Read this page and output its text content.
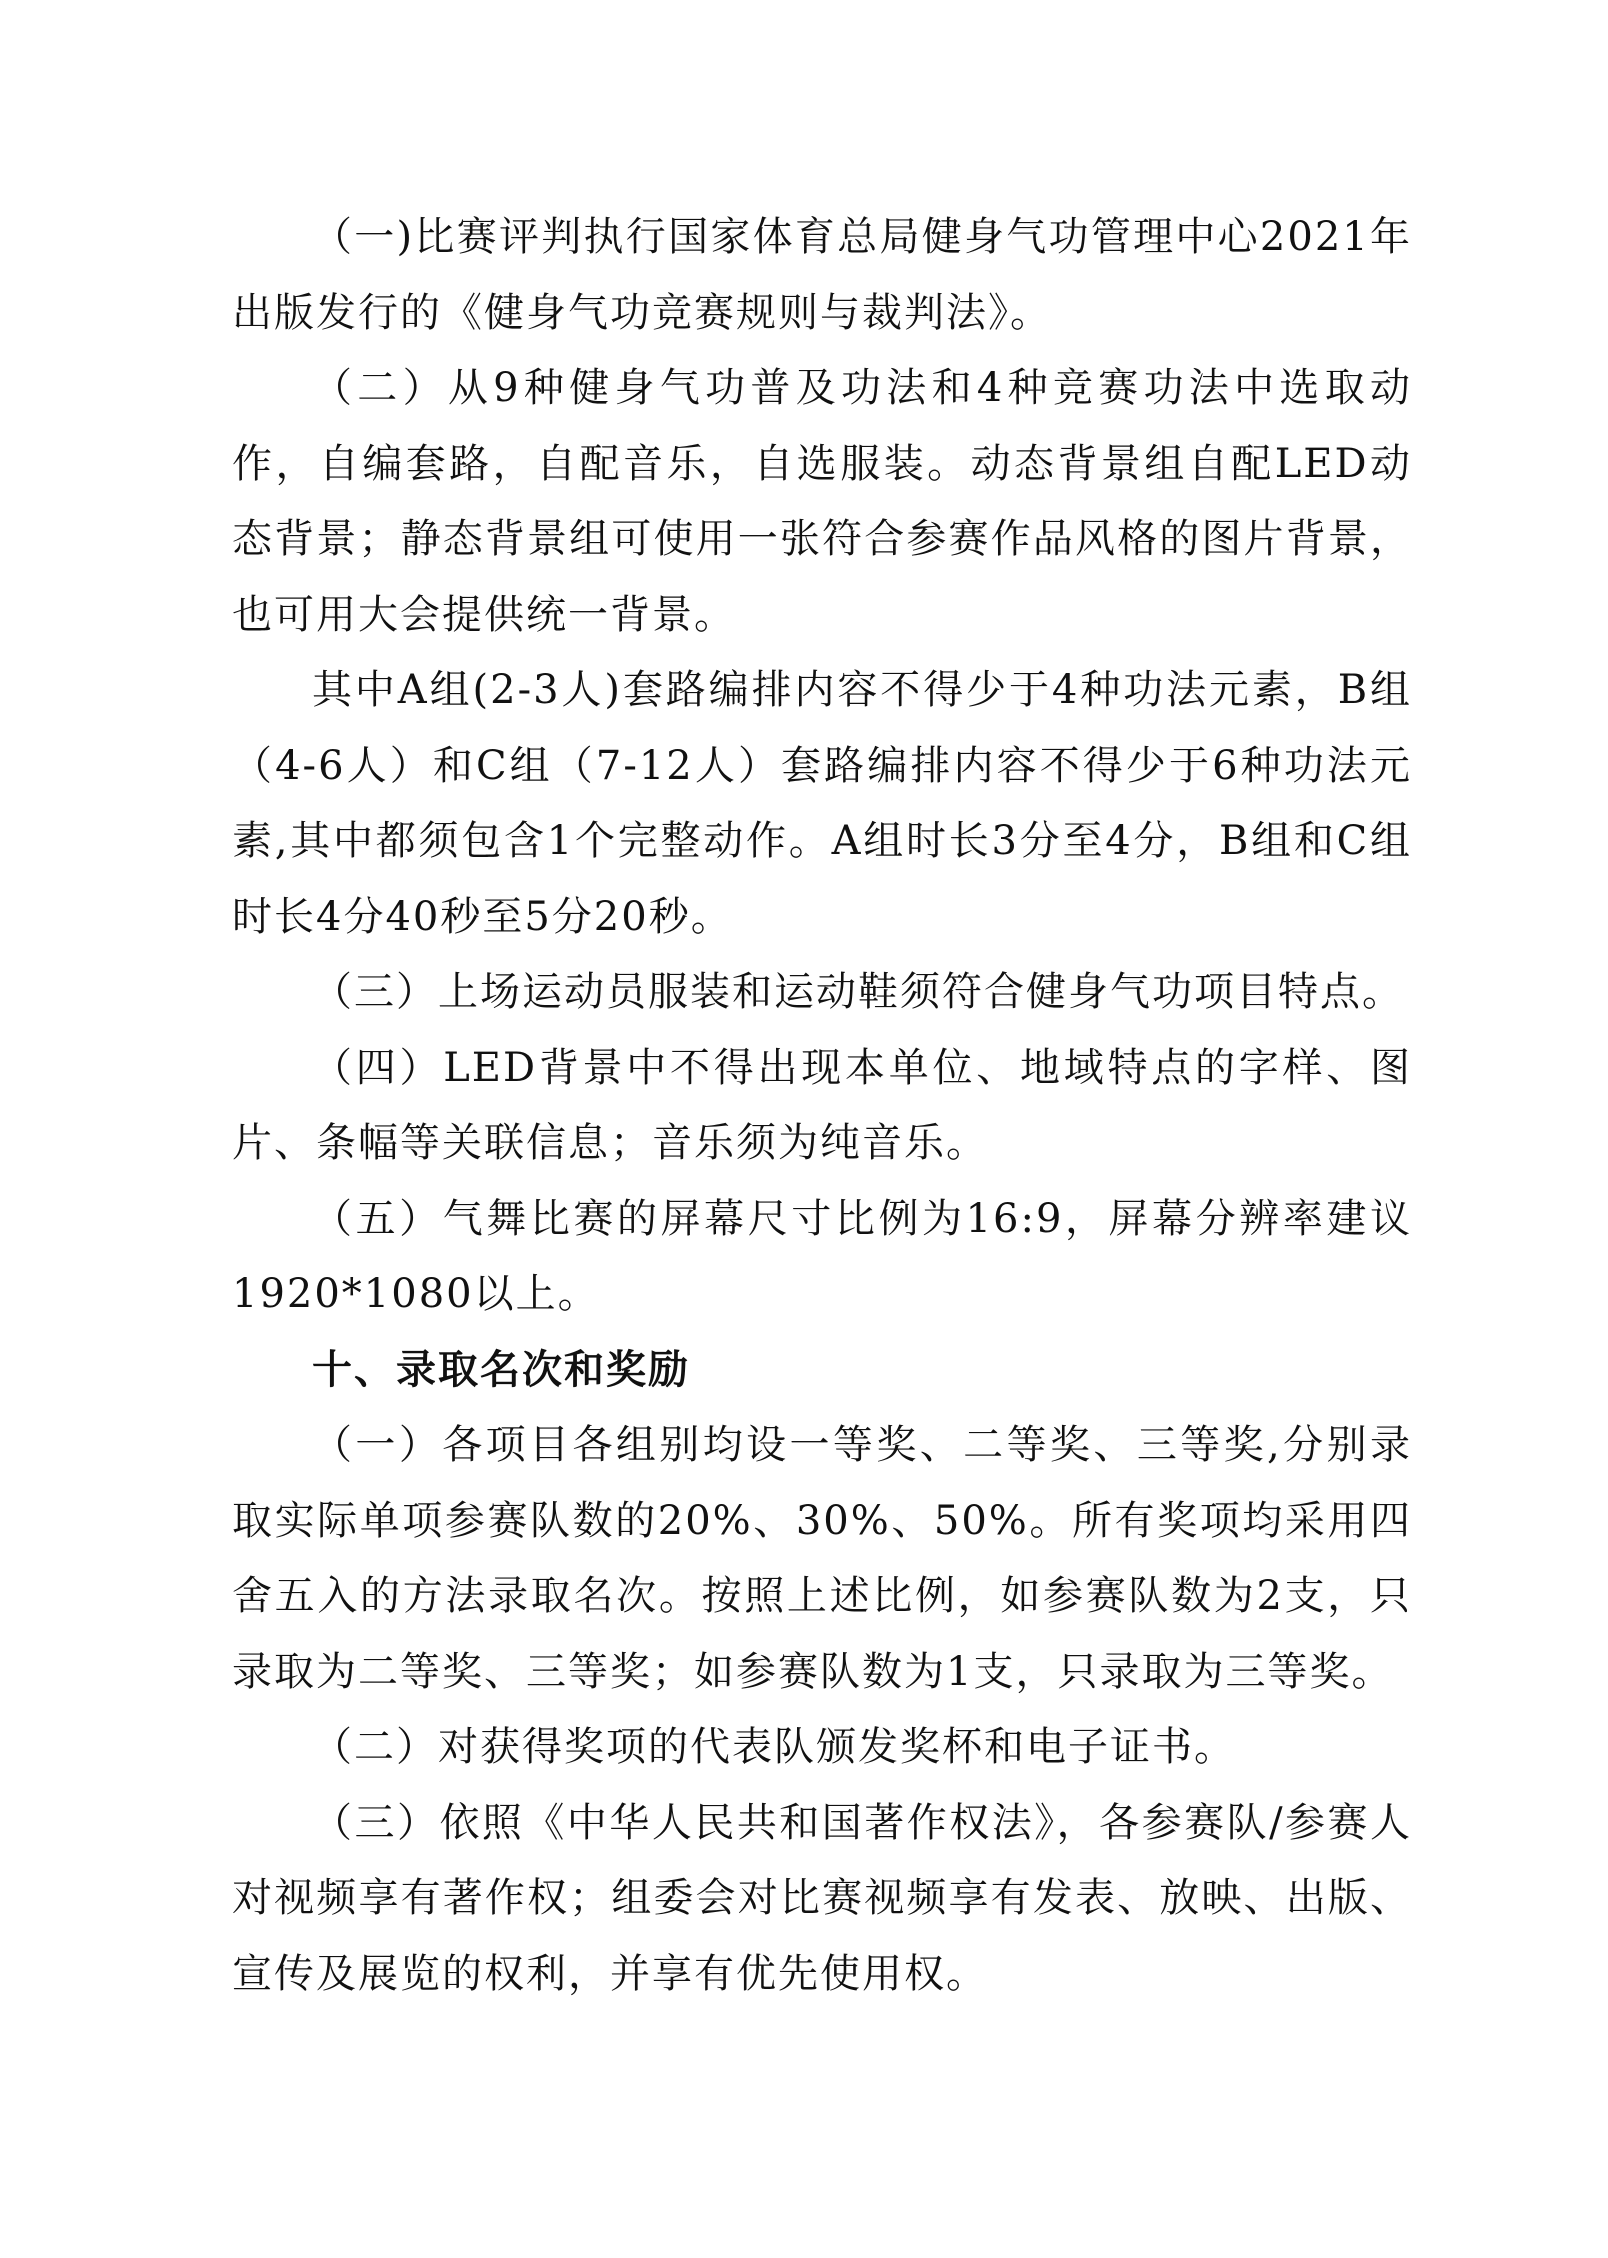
（一)比赛评判执行国家体育总局健身气功管理中心2021年出版发行的《健身气功竞赛规则与裁判法》。

（二）从9种健身气功普及功法和4种竞赛功法中选取动作，自编套路，自配音乐，自选服装。动态背景组自配LED动态背景；静态背景组可使用一张符合参赛作品风格的图片背景，也可用大会提供统一背景。

其中A组(2-3人)套路编排内容不得少于4种功法元素，B组（4-6人）和C组（7-12人）套路编排内容不得少于6种功法元素,其中都须包含1个完整动作。A组时长3分至4分，B组和C组时长4分40秒至5分20秒。

（三）上场运动员服装和运动鞋须符合健身气功项目特点。

（四）LED背景中不得出现本单位、地域特点的字样、图片、条幅等关联信息；音乐须为纯音乐。

（五）气舞比赛的屏幕尺寸比例为16:9，屏幕分辨率建议1920*1080以上。

十、录取名次和奖励

（一）各项目各组别均设一等奖、二等奖、三等奖,分别录取实际单项参赛队数的20%、30%、50%。所有奖项均采用四舍五入的方法录取名次。按照上述比例，如参赛队数为2支，只录取为二等奖、三等奖；如参赛队数为1支，只录取为三等奖。

（二）对获得奖项的代表队颁发奖杯和电子证书。

（三）依照《中华人民共和国著作权法》，各参赛队/参赛人对视频享有著作权；组委会对比赛视频享有发表、放映、出版、宣传及展览的权利，并享有优先使用权。
